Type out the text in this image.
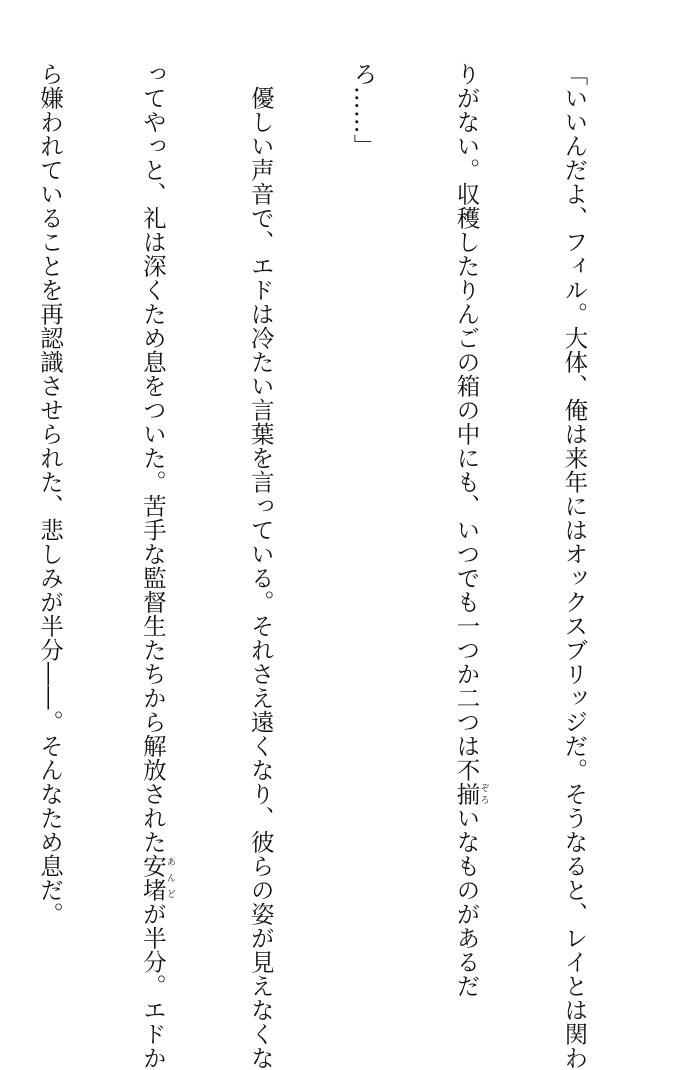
「いいんだよ、フィル。大体、俺は来年にはオックスブリッジだ。そうなると、レイとは関わ

りがない。収穫したりんごの箱の中にも、いつでも一つか二つは不揃ぞろいなものがあるだ

ろ……」

　優しい声音で、エドは冷たい言葉を言っている。それさえ遠くなり、彼らの姿が見えなくな

ってやっと、礼は深くため息をついた。苦手な監督生たちから解放された安堵あんどが半分。エドか

ら嫌われていることを再認識させられた、悲しみが半分――。そんなため息だ。
